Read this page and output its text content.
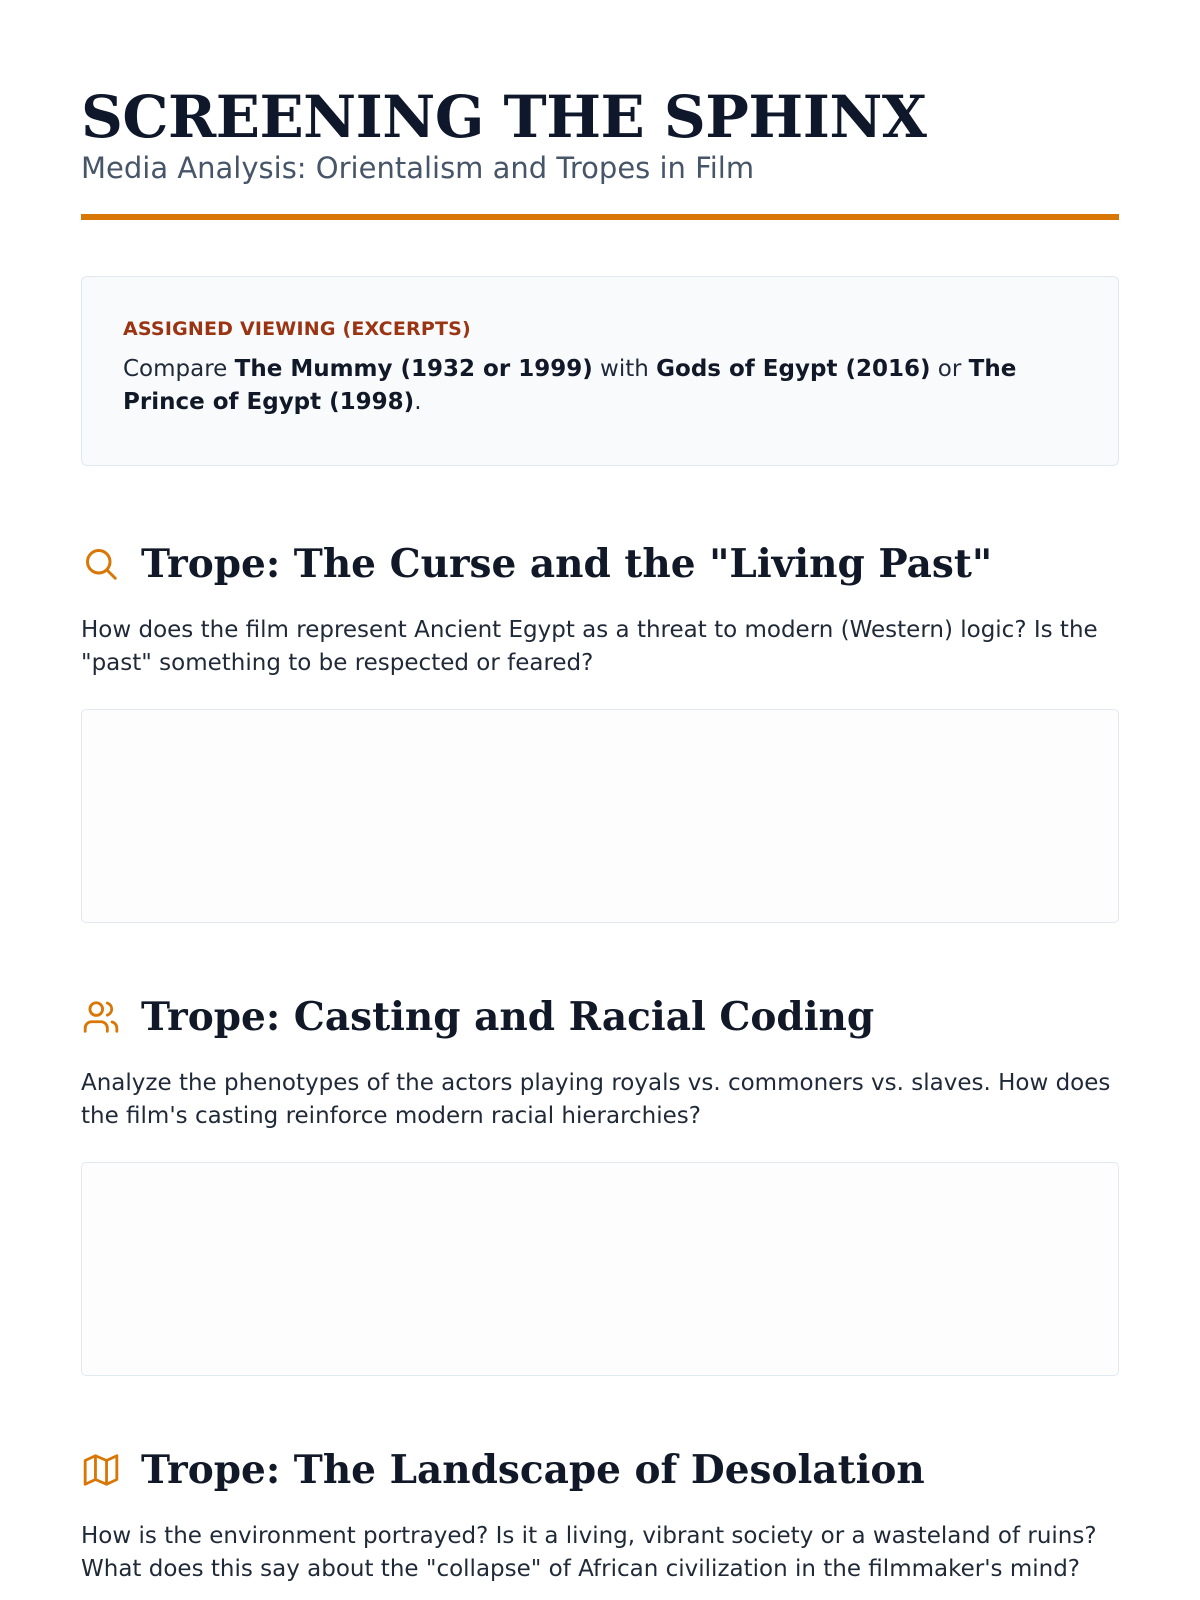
SCREENING THE SPHINX
Media Analysis: Orientalism and Tropes in Film
ASSIGNED VIEWING (EXCERPTS)

Compare The Mummy (1932 or 1999) with Gods of Egypt (2016) or The Prince of Egypt (1998).

Trope: The Curse and the "Living Past"

How does the film represent Ancient Egypt as a threat to modern (Western) logic? Is the "past" something to be respected or feared?

Trope: Casting and Racial Coding

Analyze the phenotypes of the actors playing royals vs. commoners vs. slaves. How does the film's casting reinforce modern racial hierarchies?

Trope: The Landscape of Desolation

How is the environment portrayed? Is it a living, vibrant society or a wasteland of ruins? What does this say about the "collapse" of African civilization in the filmmaker's mind?
